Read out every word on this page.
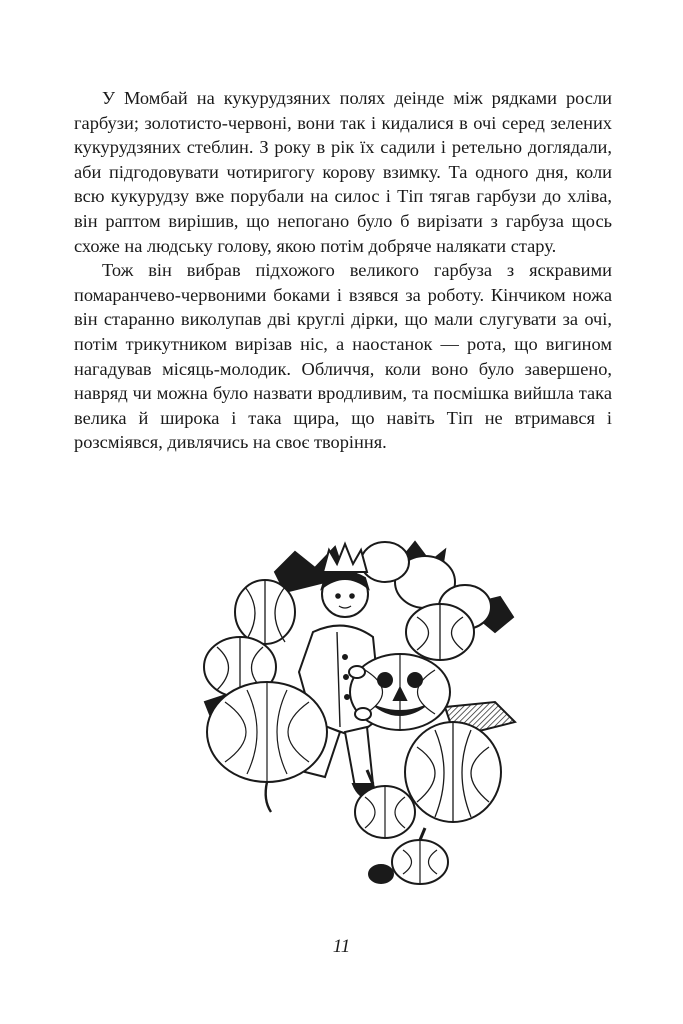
У Момбай на кукурудзяних полях деінде між рядками росли гарбузи; золотисто-червоні, вони так і кидалися в очі серед зелених кукурудзяних стеблин. З року в рік їх садили і ретельно доглядали, аби підгодовувати чотиригогу корову взимку. Та одного дня, коли всю кукурудзу вже порубали на силос і Тіп тягав гарбузи до хліва, він раптом вирішив, що непогано було б вирізати з гарбуза щось схоже на людську голову, якою потім добряче налякати стару.

Тож він вибрав підхожого великого гарбуза з яскравими помаранчево-червоними боками і взявся за роботу. Кінчиком ножа він старанно виколупав дві круглі дірки, що мали слугувати за очі, потім трикутником вирізав ніс, а наостанок — рота, що вигином нагадував місяць-молодик. Обличчя, коли воно було завершено, навряд чи можна було назвати вродливим, та посмішка вийшла така велика й широка і така щира, що навіть Тіп не втримався і розсміявся, дивлячись на своє творіння.

11
